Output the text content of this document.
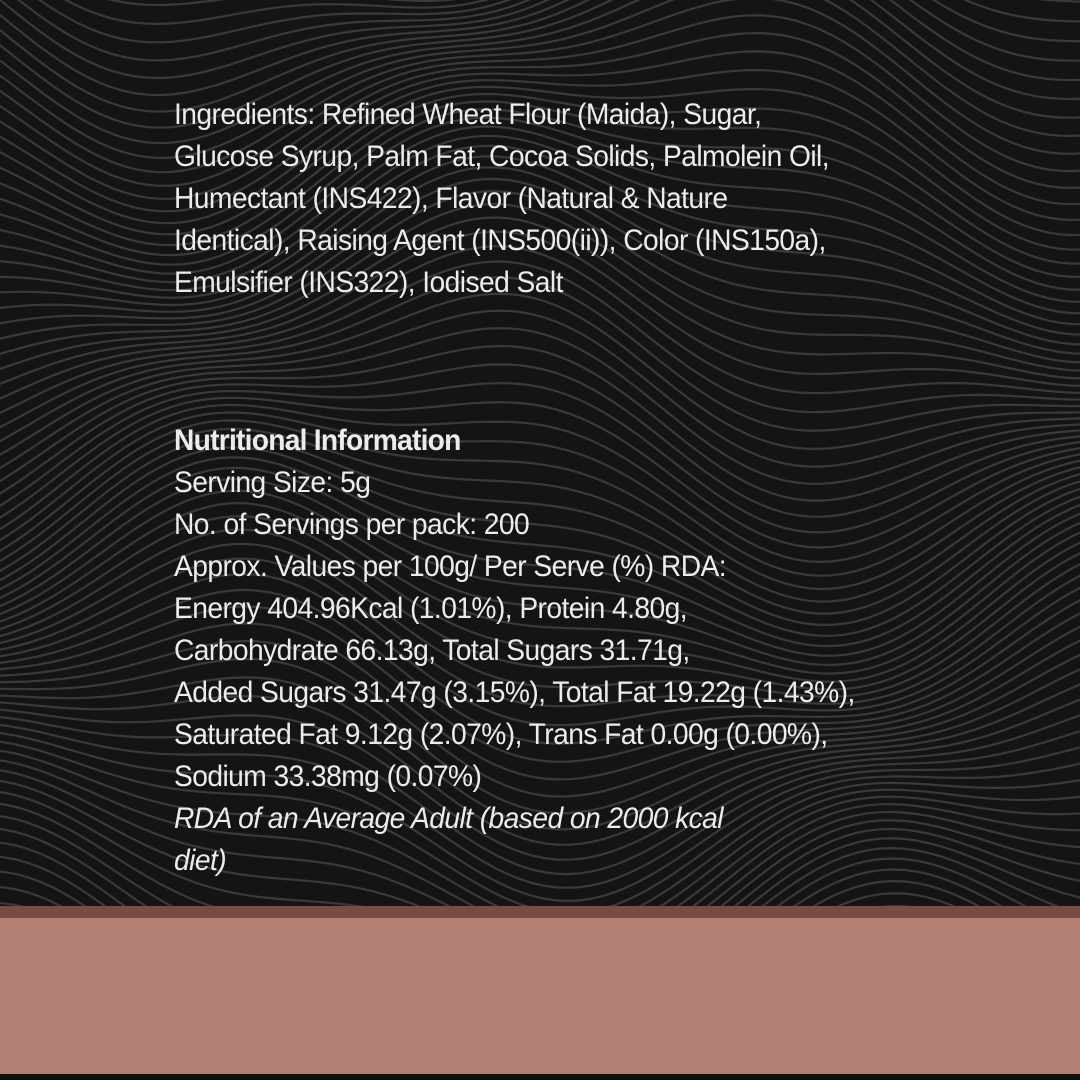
Ingredients: Refined Wheat Flour (Maida), Sugar,
Glucose Syrup, Palm Fat, Cocoa Solids, Palmolein Oil,
Humectant (INS422), Flavor (Natural & Nature
Identical), Raising Agent (INS500(ii)), Color (INS150a),
Emulsifier (INS322), Iodised Salt
Nutritional Information
Serving Size: 5g
No. of Servings per pack: 200
Approx. Values per 100g/ Per Serve (%) RDA:
Energy 404.96Kcal (1.01%), Protein 4.80g,
Carbohydrate 66.13g, Total Sugars 31.71g,
Added Sugars 31.47g (3.15%), Total Fat 19.22g (1.43%),
Saturated Fat 9.12g (2.07%), Trans Fat 0.00g (0.00%),
Sodium 33.38mg (0.07%)
RDA of an Average Adult (based on 2000 kcal
diet)
